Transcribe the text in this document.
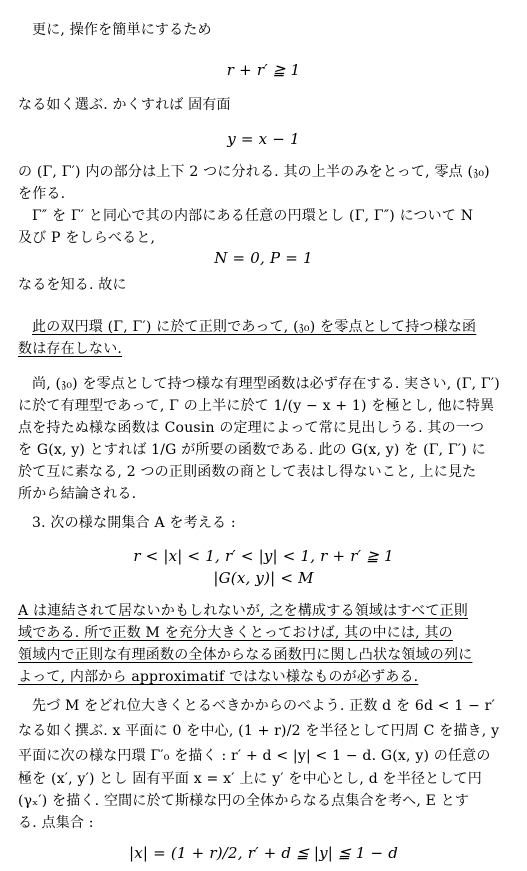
更に, 操作を簡単にするため
r + r′ ≧ 1
なる如く選ぶ. かくすれば 固有面
y = x − 1
の (Γ, Γ′) 内の部分は上下 2 つに分れる. 其の上半のみをとって, 零点 (𝔷₀)
を作る.
Γ″ を Γ′ と同心で其の内部にある任意の円環とし (Γ, Γ″) について N
及び P をしらべると,
N = 0, P = 1
なるを知る. 故に
此の双円環 (Γ, Γ′) に於て正則であって, (𝔷₀) を零点として持つ様な函
数は存在しない.
尚, (𝔷₀) を零点として持つ様な有理型函数は必ず存在する. 実さい, (Γ, Γ′)
に於て有理型であって, Γ の上半に於て 1/(y − x + 1) を極とし, 他に特異
点を持たぬ様な函数は Cousin の定理によって常に見出しうる. 其の一つ
を G(x, y) とすれば 1/G が所要の函数である. 此の G(x, y) を (Γ, Γ′) に
於て互に素なる, 2 つの正則函数の商として表はし得ないこと, 上に見た
所から結論される.
3. 次の様な開集合 A を考える :
r < |x| < 1, r′ < |y| < 1, r + r′ ≧ 1
|G(x, y)| < M
A は連結されて居ないかもしれないが, 之を構成する領域はすべて正則
域である. 所で正数 M を充分大きくとっておけば, 其の中には, 其の
領域内で正則な有理函数の全体からなる函数円に関し凸状な領域の列に
よって, 内部から approximatif ではない様なものが必ずある.
先づ M をどれ位大きくとるべきかからのべよう. 正数 d を 6d < 1 − r′
なる如く撰ぶ. x 平面に 0 を中心, (1 + r)/2 を半径として円周 C を描き, y
平面に次の様な円環 Γ′₀ を描く : r′ + d < |y| < 1 − d. G(x, y) の任意の
極を (x′, y′) とし 固有平面 x = x′ 上に y′ を中心とし, d を半径として円
(γₓ′) を描く. 空間に於て斯様な円の全体からなる点集合を考へ, E とす
る. 点集合 :
|x| = (1 + r)/2, r′ + d ≦ |y| ≦ 1 − d
